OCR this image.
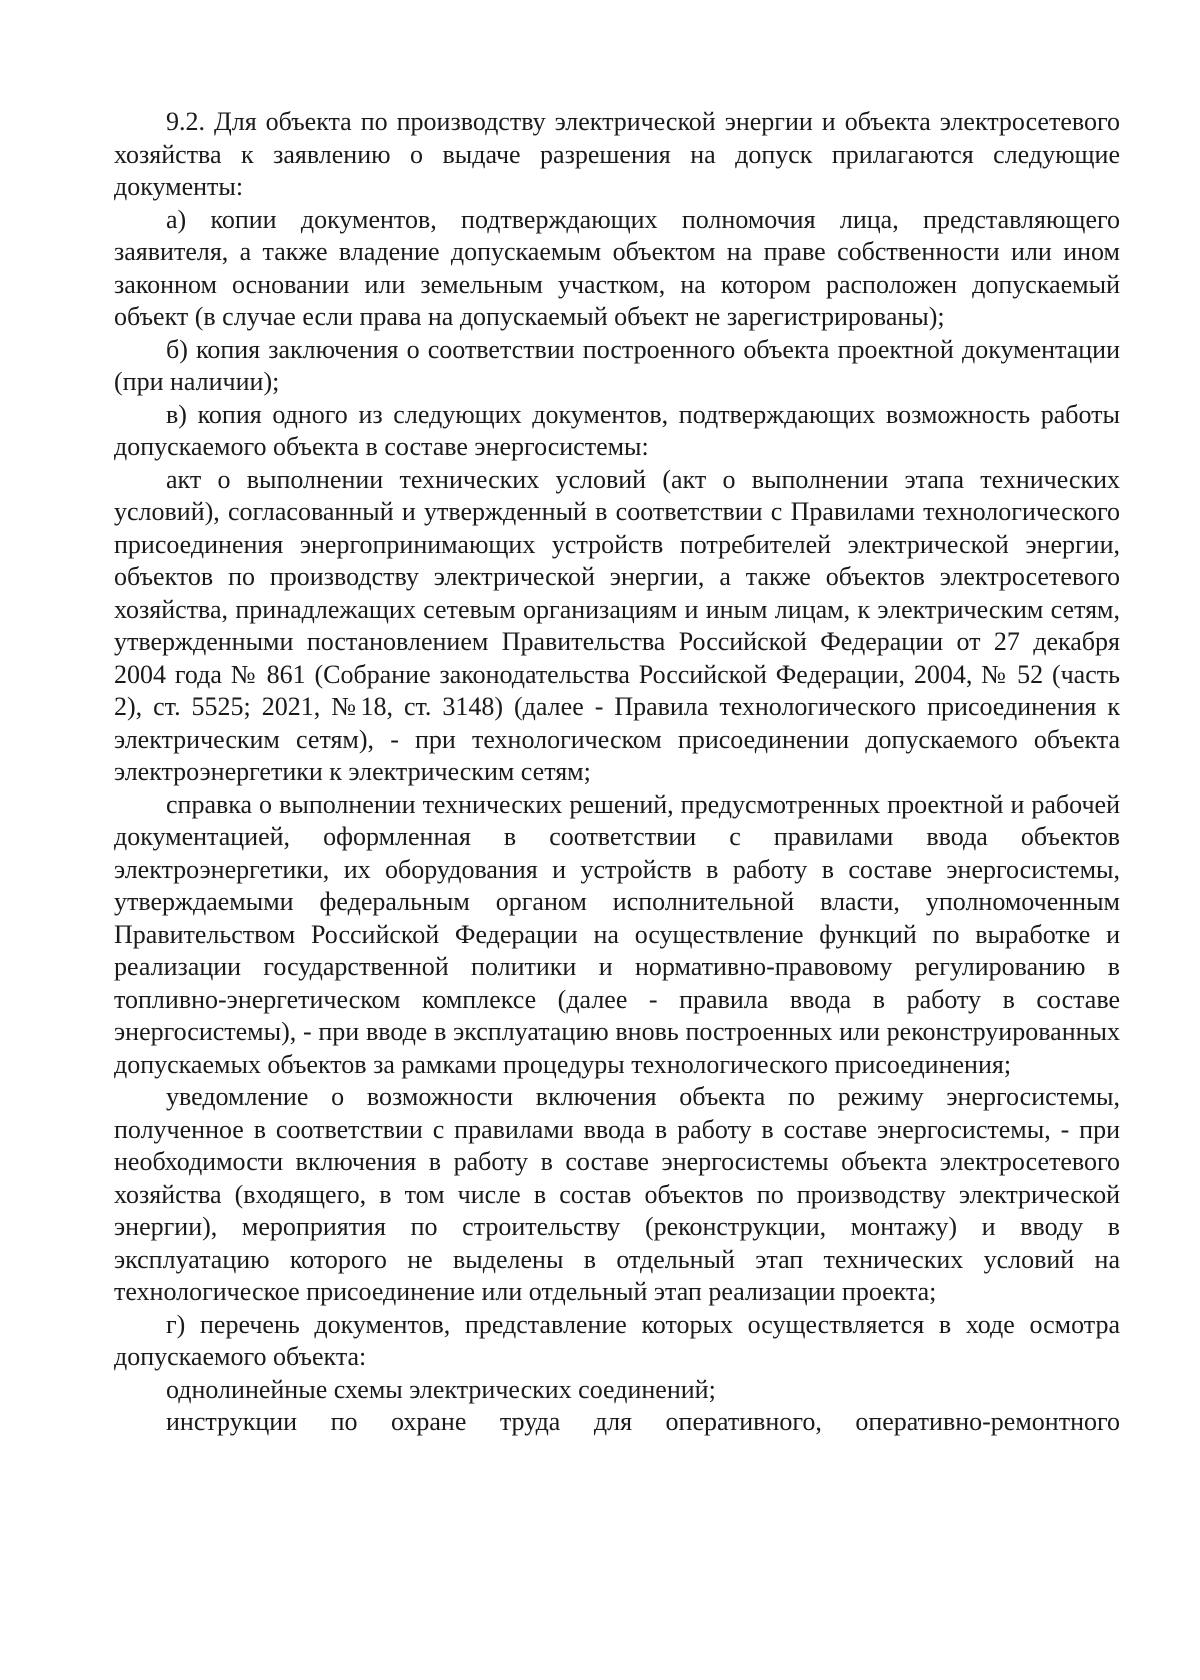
9.2. Для объекта по производству электрической энергии и объекта электросетевого хозяйства к заявлению о выдаче разрешения на допуск прилагаются следующие документы:

а) копии документов, подтверждающих полномочия лица, представляющего заявителя, а также владение допускаемым объектом на праве собственности или ином законном основании или земельным участком, на котором расположен допускаемый объект (в случае если права на допускаемый объект не зарегистрированы);

б) копия заключения о соответствии построенного объекта проектной документации (при наличии);

в) копия одного из следующих документов, подтверждающих возможность работы допускаемого объекта в составе энергосистемы:

акт о выполнении технических условий (акт о выполнении этапа технических условий), согласованный и утвержденный в соответствии с Правилами технологического присоединения энергопринимающих устройств потребителей электрической энергии, объектов по производству электрической энергии, а также объектов электросетевого хозяйства, принадлежащих сетевым организациям и иным лицам, к электрическим сетям, утвержденными постановлением Правительства Российской Федерации от 27 декабря 2004 года № 861 (Собрание законодательства Российской Федерации, 2004, № 52 (часть 2), ст. 5525; 2021, №18, ст. 3148) (далее - Правила технологического присоединения к электрическим сетям), - при технологическом присоединении допускаемого объекта электроэнергетики к электрическим сетям;

справка о выполнении технических решений, предусмотренных проектной и рабочей документацией, оформленная в соответствии с правилами ввода объектов электроэнергетики, их оборудования и устройств в работу в составе энергосистемы, утверждаемыми федеральным органом исполнительной власти, уполномоченным Правительством Российской Федерации на осуществление функций по выработке и реализации государственной политики и нормативно-правовому регулированию в топливно-энергетическом комплексе (далее - правила ввода в работу в составе энергосистемы), - при вводе в эксплуатацию вновь построенных или реконструированных допускаемых объектов за рамками процедуры технологического присоединения;

уведомление о возможности включения объекта по режиму энергосистемы, полученное в соответствии с правилами ввода в работу в составе энергосистемы, - при необходимости включения в работу в составе энергосистемы объекта электросетевого хозяйства (входящего, в том числе в состав объектов по производству электрической энергии), мероприятия по строительству (реконструкции, монтажу) и вводу в эксплуатацию которого не выделены в отдельный этап технических условий на технологическое присоединение или отдельный этап реализации проекта;

г) перечень документов, представление которых осуществляется в ходе осмотра допускаемого объекта:

однолинейные схемы электрических соединений;

инструкции по охране труда для оперативного, оперативно-ремонтного
